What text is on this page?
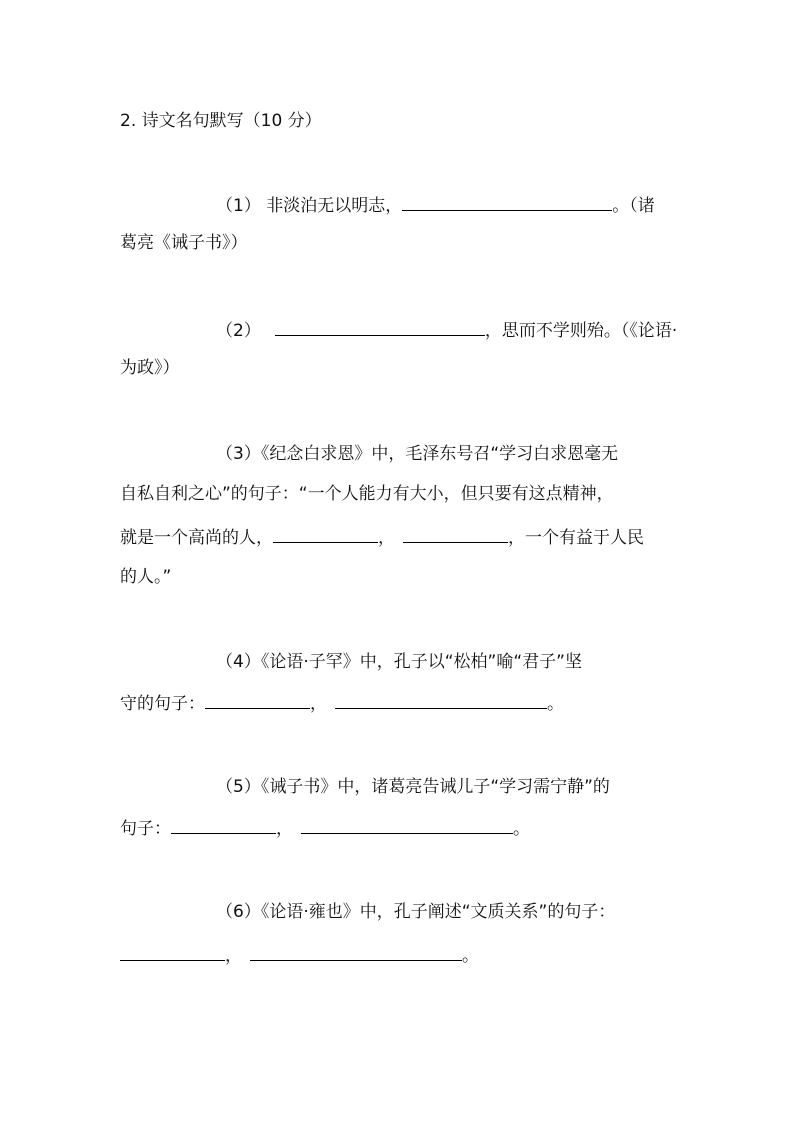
2. 诗文名句默写（10 分）
（1） 非淡泊无以明志，	。（诸
葛亮《诫子书》）
（2）	，思而不学则殆。（《论语·
为政》）
（3）《纪念白求恩》中，毛泽东号召“学习白求恩毫无
自私自利之心”的句子：“一个人能力有大小，但只要有这点精神，
就是一个高尚的人，	，	，一个有益于人民
的人。”
（4）《论语·子罕》中，孔子以“松柏”喻“君子”坚
守的句子：	，	。
（5）《诫子书》中，诸葛亮告诫儿子“学习需宁静”的
句子：	，	。
（6）《论语·雍也》中，孔子阐述“文质关系”的句子：
，	。
